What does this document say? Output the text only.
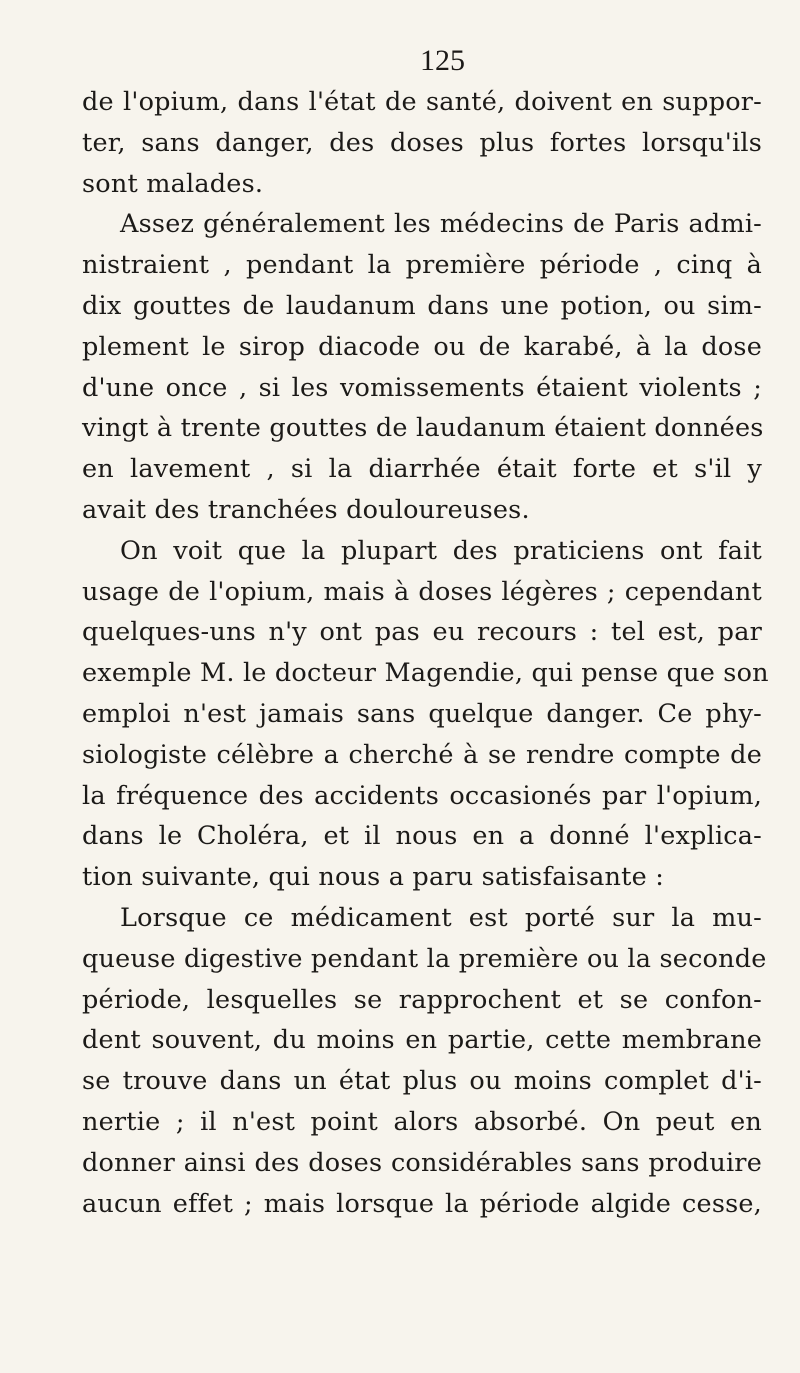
125
de l'opium, dans l'état de santé, doivent en suppor-
ter, sans danger, des doses plus fortes lorsqu'ils
sont malades.
Assez généralement les médecins de Paris admi-
nistraient , pendant la première période , cinq à
dix gouttes de laudanum dans une potion, ou sim-
plement le sirop diacode ou de karabé, à la dose
d'une once , si les vomissements étaient violents ;
vingt à trente gouttes de laudanum étaient données
en lavement , si la diarrhée était forte et s'il y
avait des tranchées douloureuses.
On voit que la plupart des praticiens ont fait
usage de l'opium, mais à doses légères ; cependant
quelques-uns n'y ont pas eu recours : tel est, par
exemple M. le docteur Magendie, qui pense que son
emploi n'est jamais sans quelque danger. Ce phy-
siologiste célèbre a cherché à se rendre compte de
la fréquence des accidents occasionés par l'opium,
dans le Choléra, et il nous en a donné l'explica-
tion suivante, qui nous a paru satisfaisante :
Lorsque ce médicament est porté sur la mu-
queuse digestive pendant la première ou la seconde
période, lesquelles se rapprochent et se confon-
dent souvent, du moins en partie, cette membrane
se trouve dans un état plus ou moins complet d'i-
nertie ; il n'est point alors absorbé. On peut en
donner ainsi des doses considérables sans produire
aucun effet ; mais lorsque la période algide cesse,
